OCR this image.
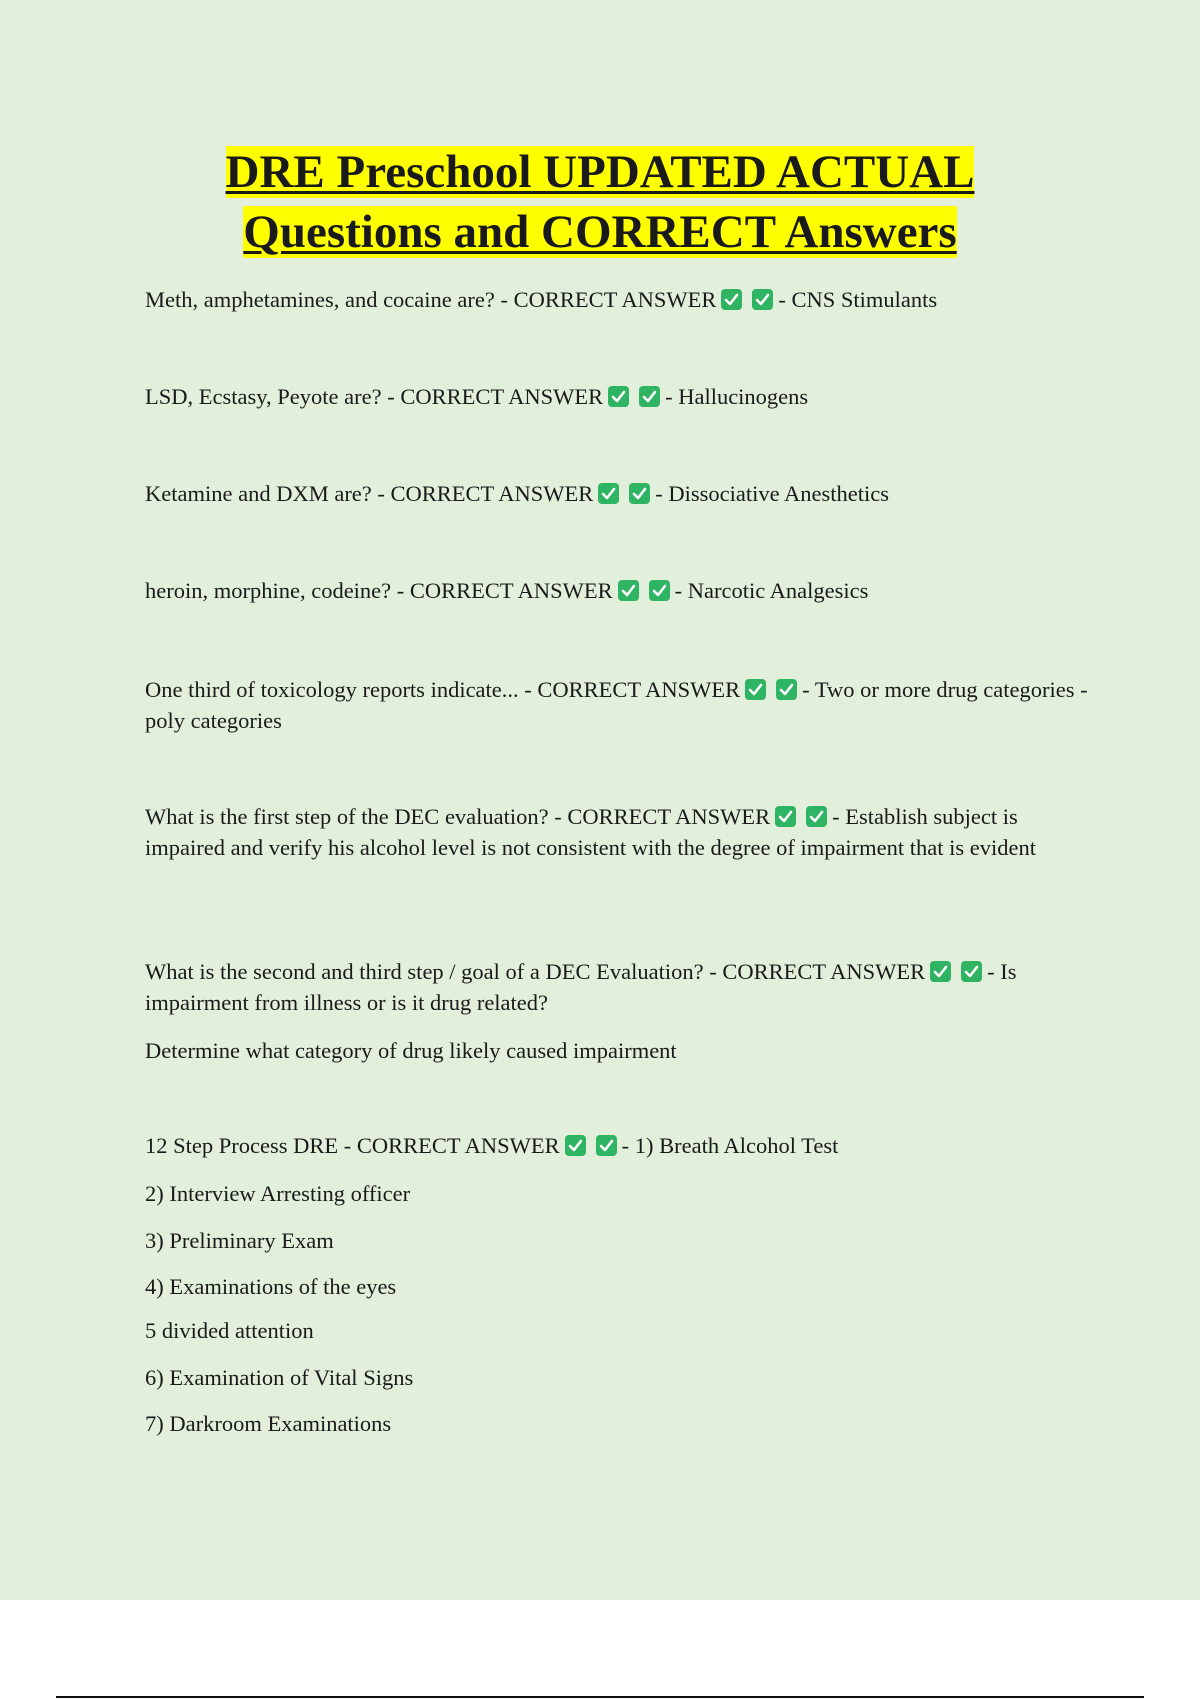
DRE Preschool UPDATED ACTUAL
Questions and CORRECT Answers

Meth, amphetamines, and cocaine are? - CORRECT ANSWER	- CNS Stimulants

LSD, Ecstasy, Peyote are? - CORRECT ANSWER	- Hallucinogens

Ketamine and DXM are? - CORRECT ANSWER	- Dissociative Anesthetics

heroin, morphine, codeine? - CORRECT ANSWER	- Narcotic Analgesics

One third of toxicology reports indicate... - CORRECT ANSWER	- Two or more drug categories - poly categories

What is the first step of the DEC evaluation? - CORRECT ANSWER	- Establish subject is impaired and verify his alcohol level is not consistent with the degree of impairment that is evident

What is the second and third step / goal of a DEC Evaluation? - CORRECT ANSWER	- Is impairment from illness or is it drug related?

Determine what category of drug likely caused impairment

12 Step Process DRE - CORRECT ANSWER	- 1) Breath Alcohol Test

2) Interview Arresting officer

3) Preliminary Exam

4) Examinations of the eyes

5 divided attention

6) Examination of Vital Signs

7) Darkroom Examinations
